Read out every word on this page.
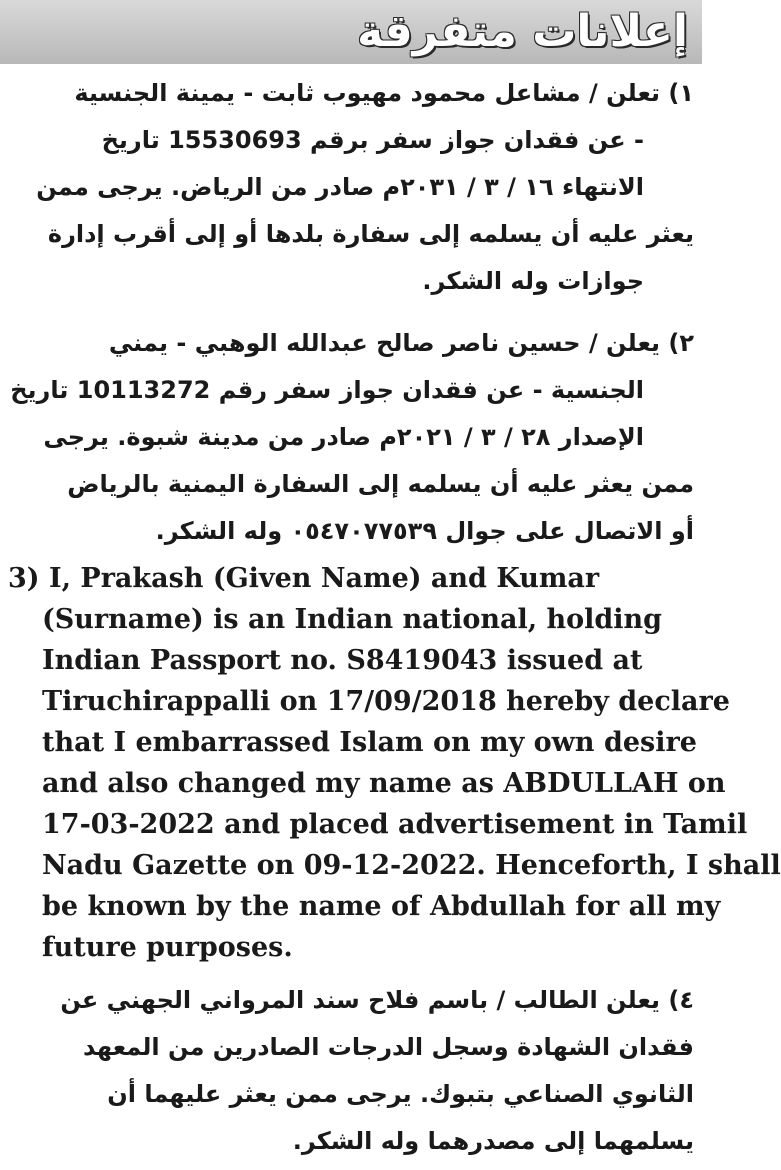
إعلانات متفرقة
١) تعلن / مشاعل محمود مهيوب ثابت - يمينة الجنسية
- عن فقدان جواز سفر برقم 15530693 تاريخ
الانتهاء ١٦ / ٣ / ٢٠٣١م صادر من الرياض. يرجى ممن
يعثر عليه أن يسلمه إلى سفارة بلدها أو إلى أقرب إدارة
جوازات وله الشكر.
٢) يعلن / حسين ناصر صالح عبدالله الوهبي - يمني
الجنسية - عن فقدان جواز سفر رقم 10113272 تاريخ
الإصدار ٢٨ / ٣ / ٢٠٢١م صادر من مدينة شبوة. يرجى
ممن يعثر عليه أن يسلمه إلى السفارة اليمنية بالرياض
أو الاتصال على جوال ٠٥٤٧٠٧٧٥٣٩ وله الشكر.
3) I, Prakash (Given Name) and Kumar
(Surname) is an Indian national, holding
Indian Passport no. S8419043 issued at
Tiruchirappalli on 17/09/2018 hereby declare
that I embarrassed Islam on my own desire
and also changed my name as ABDULLAH on
17-03-2022 and placed advertisement in Tamil
Nadu Gazette on 09-12-2022. Henceforth, I shall
be known by the name of Abdullah for all my
future purposes.
٤) يعلن الطالب / باسم فلاح سند المرواني الجهني عن
فقدان الشهادة وسجل الدرجات الصادرين من المعهد
الثانوي الصناعي بتبوك. يرجى ممن يعثر عليهما أن
يسلمهما إلى مصدرهما وله الشكر.
